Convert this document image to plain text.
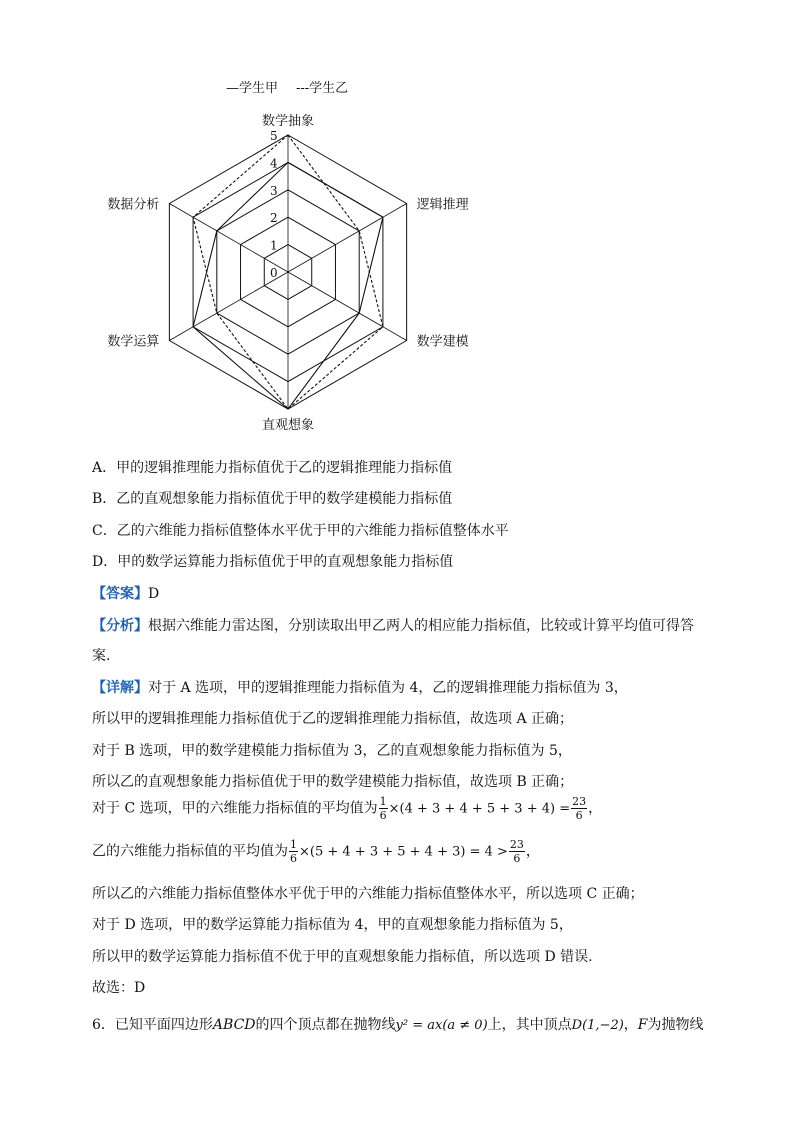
0
1
2
3
4
5
数学抽象
逻辑推理
数学建模
直观想象
数学运算
数据分析
—学生甲 ---学生乙
A．甲的逻辑推理能力指标值优于乙的逻辑推理能力指标值
B．乙的直观想象能力指标值优于甲的数学建模能力指标值
C．乙的六维能力指标值整体水平优于甲的六维能力指标值整体水平
D．甲的数学运算能力指标值优于甲的直观想象能力指标值
【答案】D
【分析】根据六维能力雷达图，分别读取出甲乙两人的相应能力指标值，比较或计算平均值可得答
案.
【详解】对于 A 选项，甲的逻辑推理能力指标值为 4，乙的逻辑推理能力指标值为 3，
所以甲的逻辑推理能力指标值优于乙的逻辑推理能力指标值，故选项 A 正确；
对于 B 选项，甲的数学建模能力指标值为 3，乙的直观想象能力指标值为 5，
所以乙的直观想象能力指标值优于甲的数学建模能力指标值，故选项 B 正确；
对于 C 选项，甲的六维能力指标值的平均值为 $\frac{1}{6} \times(4 + 3 + 4 + 5 + 3 + 4) = \frac{23}{6}$ ，
乙的六维能力指标值的平均值为 $\frac{1}{6} \times(5 + 4 + 3 + 5 + 4 + 3) = 4 > \frac{23}{6}$ ，
所以乙的六维能力指标值整体水平优于甲的六维能力指标值整体水平，所以选项 C 正确；
对于 D 选项，甲的数学运算能力指标值为 4，甲的直观想象能力指标值为 5，
所以甲的数学运算能力指标值不优于甲的直观想象能力指标值，所以选项 D 错误.
故选：D
6．已知平面四边形ABCD的四个顶点都在抛物线y² = ax(a ≠ 0)上，其中顶点D(1,−2)，F为抛物线
